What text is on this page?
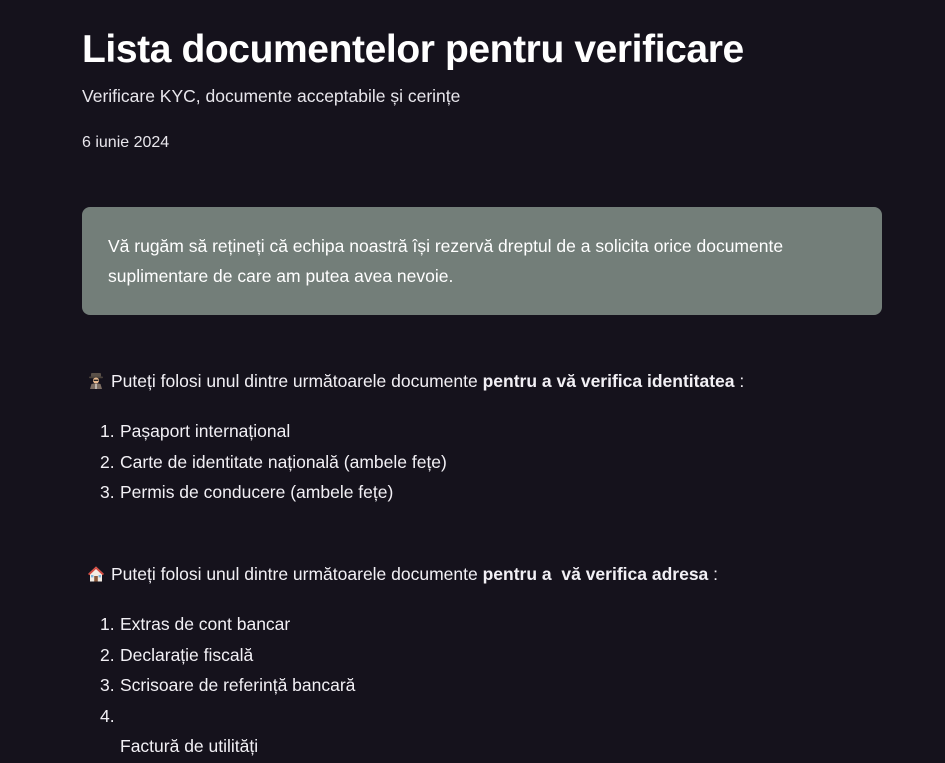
Lista documentelor pentru verificare
Verificare KYC, documente acceptabile și cerințe
6 iunie 2024
Vă rugăm să rețineți că echipa noastră își rezervă dreptul de a solicita orice documente suplimentare de care am putea avea nevoie.
Puteți folosi unul dintre următoarele documente pentru a vă verifica identitatea :
1. Pașaport internațional
2. Carte de identitate națională (ambele fețe)
3. Permis de conducere (ambele fețe)
Puteți folosi unul dintre următoarele documente pentru a  vă verifica adresa :
1. Extras de cont bancar
2. Declarație fiscală
3. Scrisoare de referință bancară
4.
Factură de utilități
